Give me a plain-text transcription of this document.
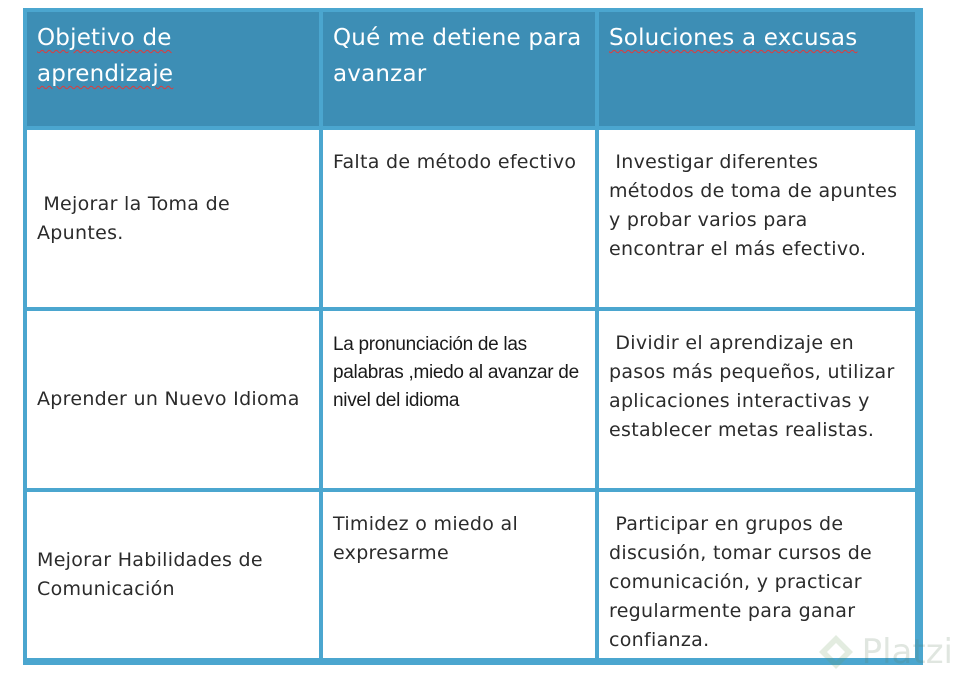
Objetivo de
aprendizaje
Qué me detiene para
avanzar
Soluciones a excusas
Mejorar la Toma de Apuntes.
Falta de método efectivo	Investigar diferentes métodos de toma de apuntes y probar varios para encontrar el más efectivo.
Aprender un Nuevo Idioma
La pronunciación de las palabras ,miedo al avanzar de nivel del idioma
Dividir el aprendizaje en pasos más pequeños, utilizar aplicaciones interactivas y establecer metas realistas.
Mejorar Habilidades de Comunicación
Timidez o miedo al expresarme
Participar en grupos de discusión, tomar cursos de comunicación, y practicar regularmente para ganar confianza.	Platzi
